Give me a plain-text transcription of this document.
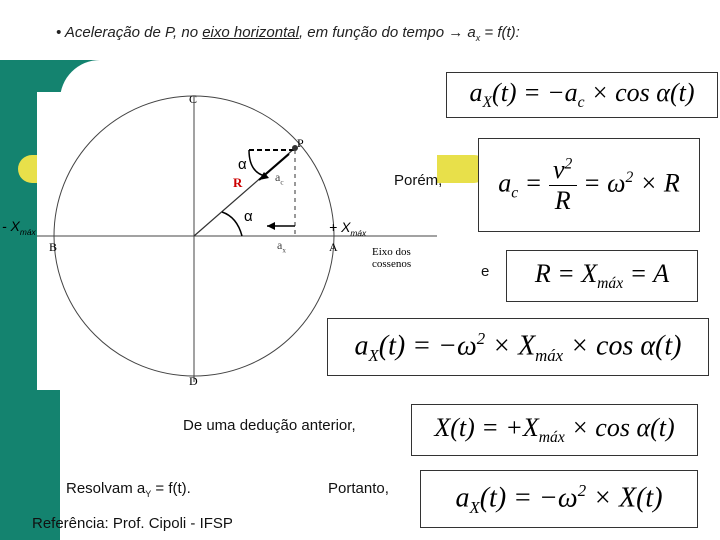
• Aceleração de P, no eixo horizontal, em função do tempo → $a_x = f(t)$:
C
D
A
B
P
R
α
α
$a_c$
$a_x$	Eixo dos cossenos
+ $X_{máx}$
- $X_{máx}$
$a_X(t) = -a_c \times \cos \alpha(t)$
$a_c = \frac{v^2}{R} = \omega^2 \times R$
$R = X_{máx} = A$
$a_X(t) = -\omega^2 \times X_{máx} \times \cos \alpha(t)$
$X(t) = +X_{máx} \times \cos \alpha(t)$
$a_X(t) = -\omega^2 \times X(t)$
Porém,
e
De uma dedução anterior,
Resolvam $a_Y = f(t)$.	Portanto,
Referência: Prof. Cipoli - IFSP
